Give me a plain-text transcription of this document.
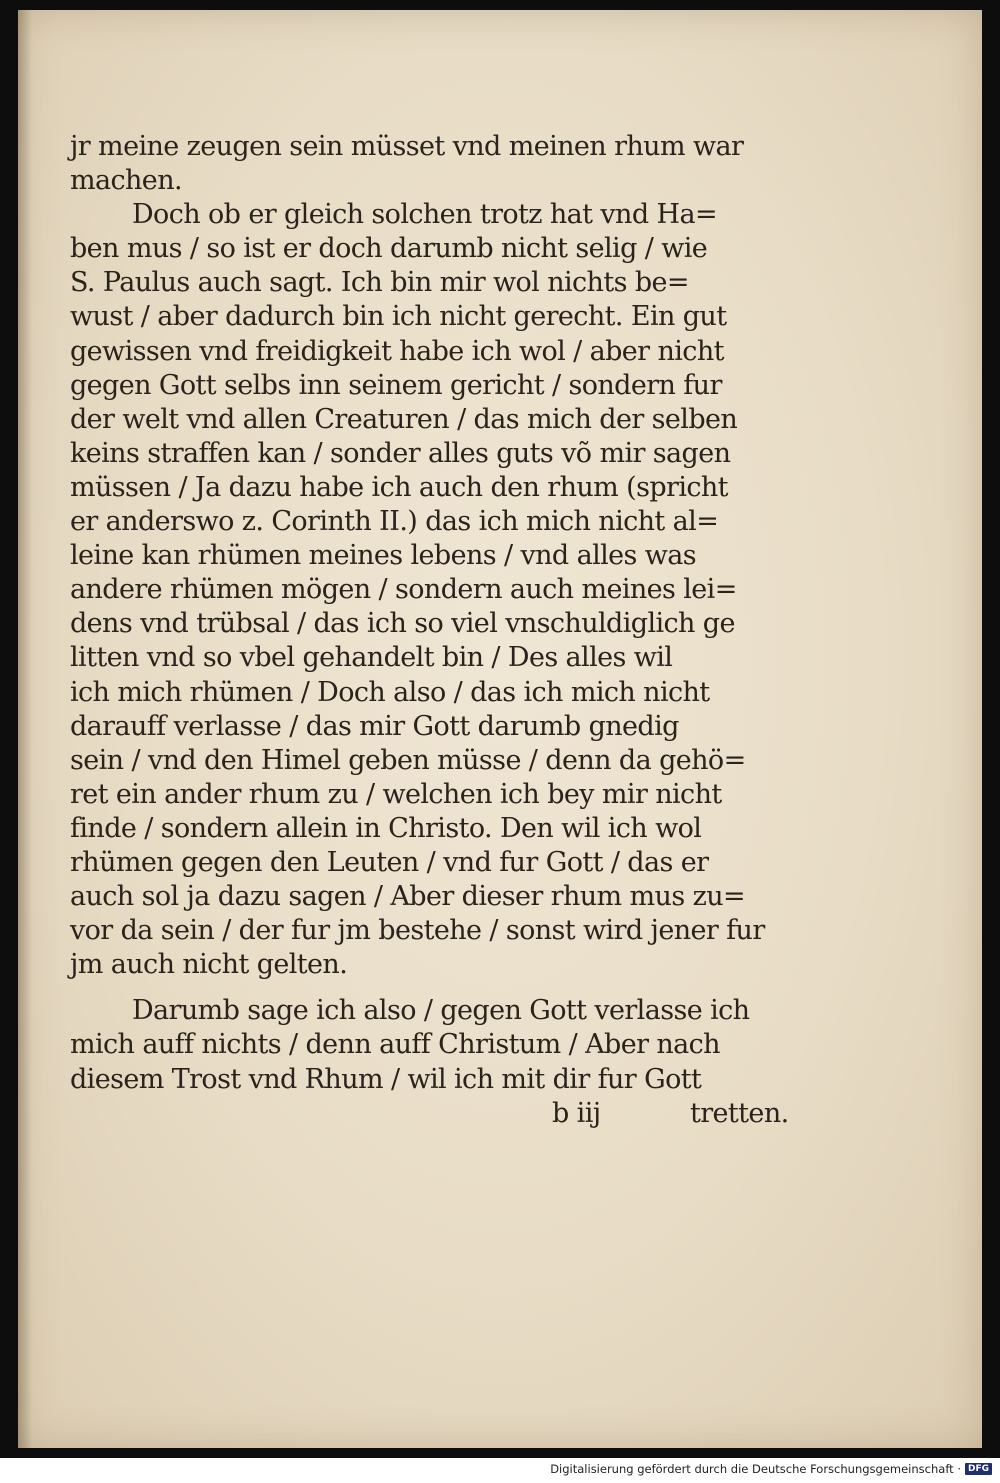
jr meine zeugen sein müsset vnd meinen rhum war
machen.
Doch ob er gleich solchen trotz hat vnd Ha=
ben mus / so ist er doch darumb nicht selig / wie
S. Paulus auch sagt. Ich bin mir wol nichts be=
wust / aber dadurch bin ich nicht gerecht. Ein gut
gewissen vnd freidigkeit habe ich wol / aber nicht
gegen Gott selbs inn seinem gericht / sondern fur
der welt vnd allen Creaturen / das mich der selben
keins straffen kan / sonder alles guts võ mir sagen
müssen / Ja dazu habe ich auch den rhum (spricht
er anderswo z. Corinth II.) das ich mich nicht al=
leine kan rhümen meines lebens / vnd alles was
andere rhümen mögen / sondern auch meines lei=
dens vnd trübsal / das ich so viel vnschuldiglich ge
litten vnd so vbel gehandelt bin / Des alles wil
ich mich rhümen / Doch also / das ich mich nicht
darauff verlasse / das mir Gott darumb gnedig
sein / vnd den Himel geben müsse / denn da gehö=
ret ein ander rhum zu / welchen ich bey mir nicht
finde / sondern allein in Christo. Den wil ich wol
rhümen gegen den Leuten / vnd fur Gott / das er
auch sol ja dazu sagen / Aber dieser rhum mus zu=
vor da sein / der fur jm bestehe / sonst wird jener fur
jm auch nicht gelten.
Darumb sage ich also / gegen Gott verlasse ich
mich auff nichts / denn auff Christum / Aber nach
diesem Trost vnd Rhum / wil ich mit dir fur Gott
b iij	tretten.
Digitalisierung gefördert durch die Deutsche Forschungsgemeinschaft · DFG
